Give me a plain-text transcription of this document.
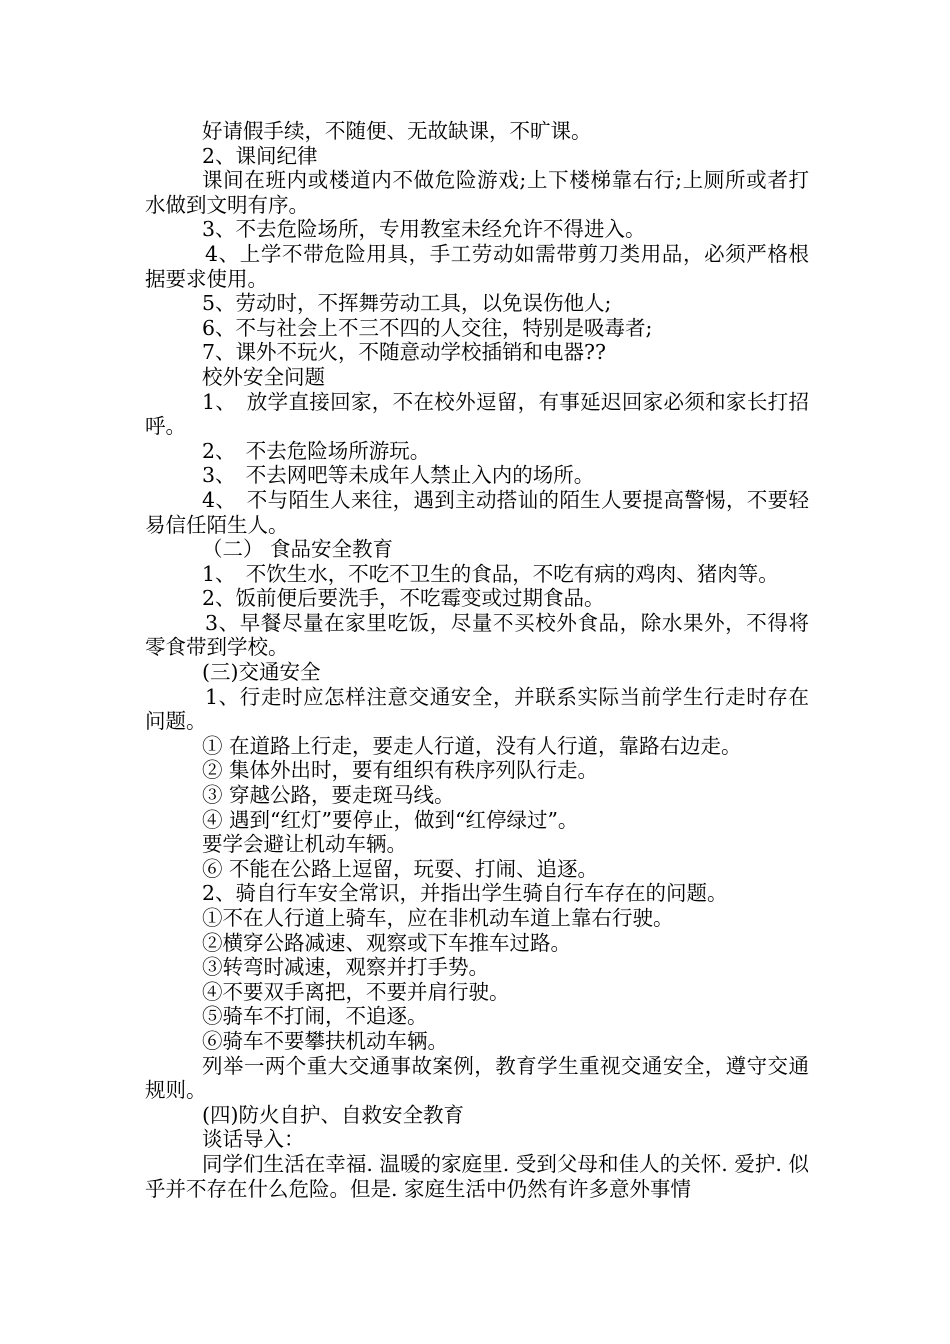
好请假手续，不随便、无故缺课，不旷课。

2、课间纪律

课间在班内或楼道内不做危险游戏;上下楼梯靠右行;上厕所或者打水做到文明有序。

3、不去危险场所，专用教室未经允许不得进入。

4、上学不带危险用具，手工劳动如需带剪刀类用品，必须严格根据要求使用。

5、劳动时，不挥舞劳动工具，以免误伤他人;

6、不与社会上不三不四的人交往，特别是吸毒者;

7、课外不玩火，不随意动学校插销和电器??

校外安全问题

1、　放学直接回家，不在校外逗留，有事延迟回家必须和家长打招呼。

2、　不去危险场所游玩。

3、　不去网吧等未成年人禁止入内的场所。

4、　不与陌生人来往，遇到主动搭讪的陌生人要提高警惕，不要轻易信任陌生人。

（二） 食品安全教育

1、　不饮生水，不吃不卫生的食品，不吃有病的鸡肉、猪肉等。

2、饭前便后要洗手，不吃霉变或过期食品。

3、早餐尽量在家里吃饭，尽量不买校外食品，除水果外，不得将零食带到学校。

(三)交通安全

1、行走时应怎样注意交通安全，并联系实际当前学生行走时存在问题。

① 在道路上行走，要走人行道，没有人行道，靠路右边走。

② 集体外出时，要有组织有秩序列队行走。

③ 穿越公路，要走斑马线。

④ 遇到“红灯”要停止，做到“红停绿过”。

要学会避让机动车辆。

⑥ 不能在公路上逗留，玩耍、打闹、追逐。

2、骑自行车安全常识，并指出学生骑自行车存在的问题。

①不在人行道上骑车，应在非机动车道上靠右行驶。

②横穿公路减速、观察或下车推车过路。

③转弯时减速，观察并打手势。

④不要双手离把，不要并肩行驶。

⑤骑车不打闹，不追逐。

⑥骑车不要攀扶机动车辆。

列举一两个重大交通事故案例，教育学生重视交通安全，遵守交通规则。

(四)防火自护、自救安全教育

谈话导入：

同学们生活在幸福. 温暖的家庭里. 受到父母和佳人的关怀. 爱护. 似乎并不存在什么危险。但是. 家庭生活中仍然有许多意外事情
